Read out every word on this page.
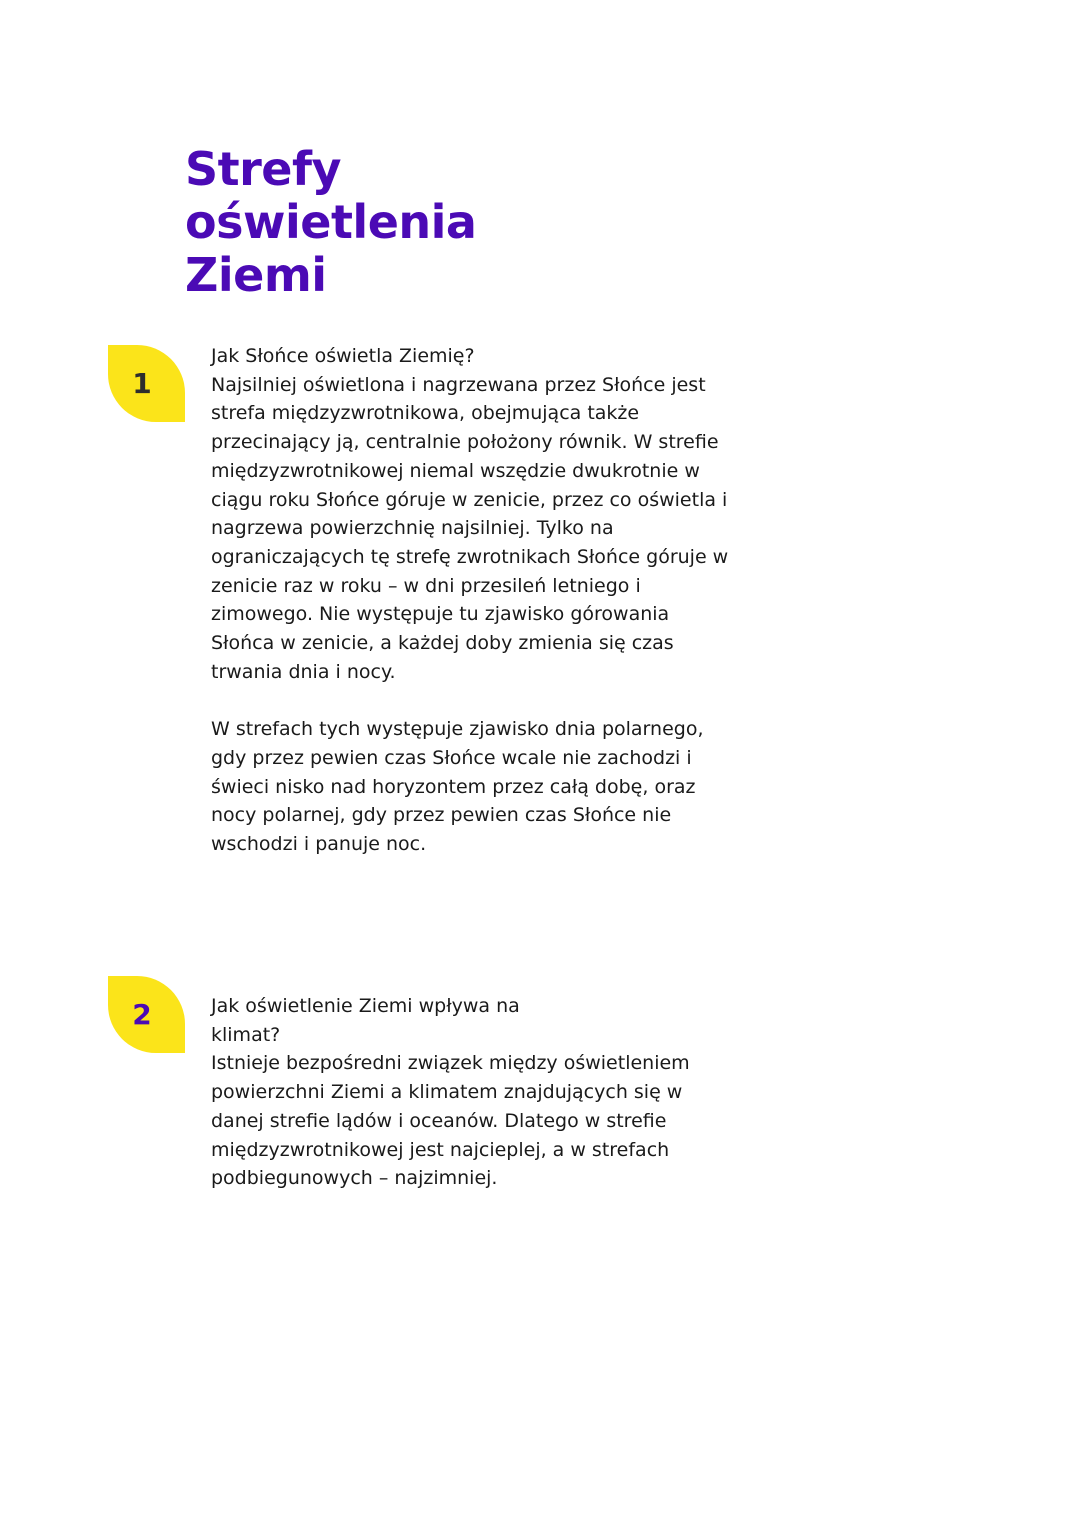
Strefy
oświetlenia
Ziemi
1

Jak Słońce oświetla Ziemię?

Najsilniej oświetlona i nagrzewana przez Słońce jest strefa międzyzwrotnikowa, obejmująca także przecinający ją, centralnie położony równik. W strefie międzyzwrotnikowej niemal wszędzie dwukrotnie w ciągu roku Słońce góruje w zenicie, przez co oświetla i nagrzewa powierzchnię najsilniej. Tylko na ograniczających tę strefę zwrotnikach Słońce góruje w zenicie raz w roku – w dni przesileń letniego i zimowego. Nie występuje tu zjawisko górowania Słońca w zenicie, a każdej doby zmienia się czas trwania dnia i nocy.

W strefach tych występuje zjawisko dnia polarnego, gdy przez pewien czas Słońce wcale nie zachodzi i świeci nisko nad horyzontem przez całą dobę, oraz nocy polarnej, gdy przez pewien czas Słońce nie wschodzi i panuje noc.

2	Jak oświetlenie Ziemi wpływa na klimat?

Istnieje bezpośredni związek między oświetleniem powierzchni Ziemi a klimatem znajdujących się w danej strefie lądów i oceanów. Dlatego w strefie międzyzwrotnikowej jest najcieplej, a w strefach podbiegunowych – najzimniej.
